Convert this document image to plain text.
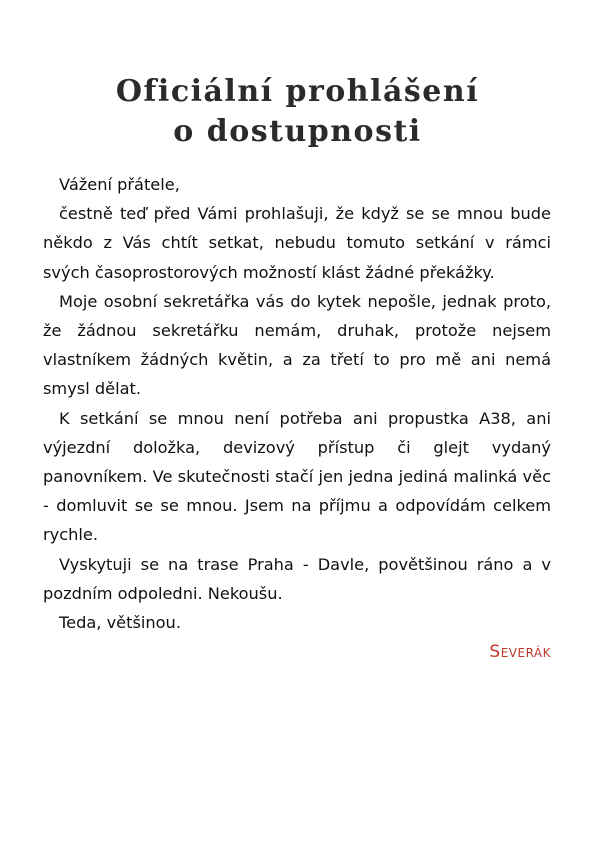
Oficiální prohlášení
o dostupnosti

Vážení přátele,

čestně teď před Vámi prohlašuji, že když se se mnou bude někdo z Vás chtít setkat, nebudu tomuto setkání v rámci svých časoprostorových možností klást žádné překážky.

Moje osobní sekretářka vás do kytek nepošle, jednak proto, že žádnou sekretářku nemám, druhak, protože nejsem vlastníkem žádných květin, a za třetí to pro mě ani nemá smysl dělat.

K setkání se mnou není potřeba ani propustka A38, ani výjezdní doložka, devizový přístup či glejt vydaný panovníkem. Ve skutečnosti stačí jen jedna jediná malinká věc - domluvit se se mnou. Jsem na příjmu a odpovídám celkem rychle.

Vyskytuji se na trase Praha - Davle, povětšinou ráno a v pozdním odpoledni. Nekoušu.

Teda, většinou.

Severák
